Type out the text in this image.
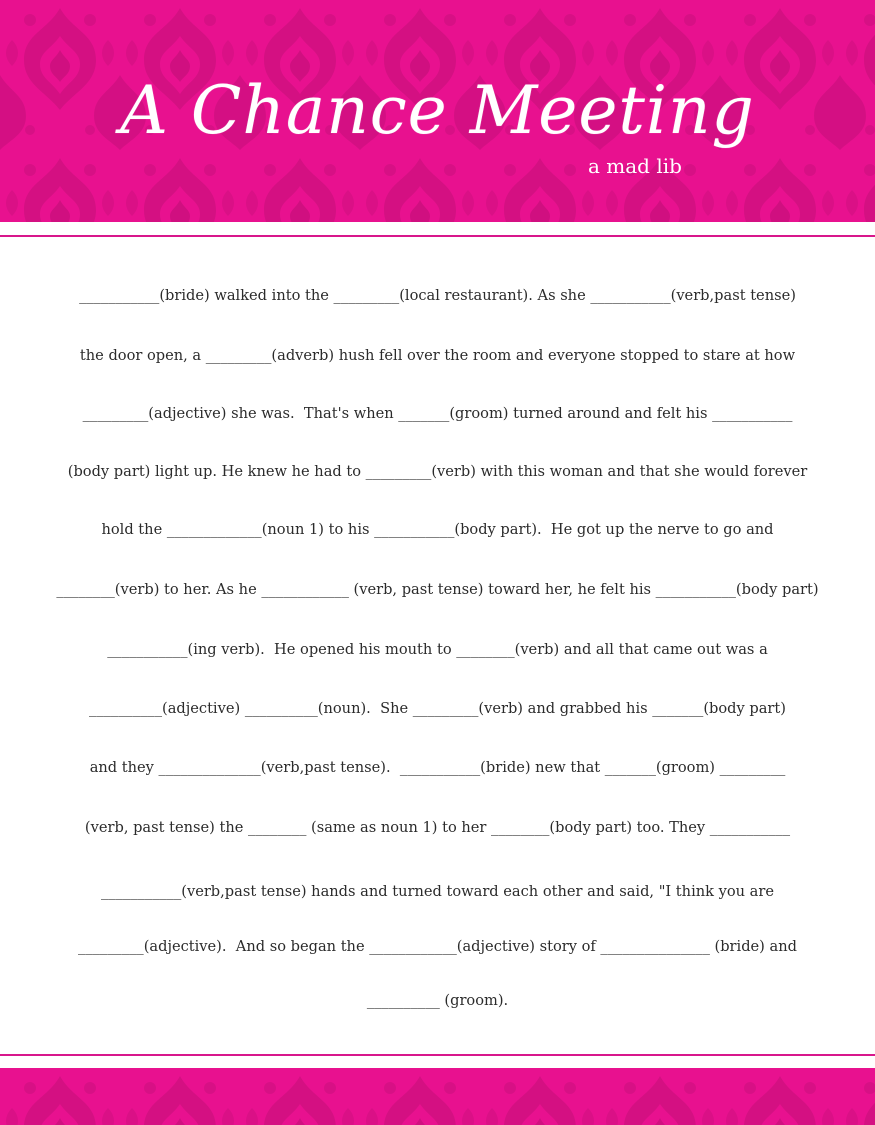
A Chance Meeting
a mad lib
___________(bride) walked into the _________(local restaurant). As she ___________(verb,past tense)
the door open, a _________(adverb) hush fell over the room and everyone stopped to stare at how
_________(adjective) she was.  That's when _______(groom) turned around and felt his ___________
(body part) light up. He knew he had to _________(verb) with this woman and that she would forever
hold the _____________(noun 1) to his ___________(body part).  He got up the nerve to go and
________(verb) to her. As he ____________ (verb, past tense) toward her, he felt his ___________(body part)
___________(ing verb).  He opened his mouth to ________(verb) and all that came out was a
__________(adjective) __________(noun).  She _________(verb) and grabbed his _______(body part)
and they ______________(verb,past tense).  ___________(bride) new that _______(groom) _________
(verb, past tense) the ________ (same as noun 1) to her ________(body part) too. They ___________
___________(verb,past tense) hands and turned toward each other and said, "I think you are
_________(adjective).  And so began the ____________(adjective) story of _______________ (bride) and
__________ (groom).
